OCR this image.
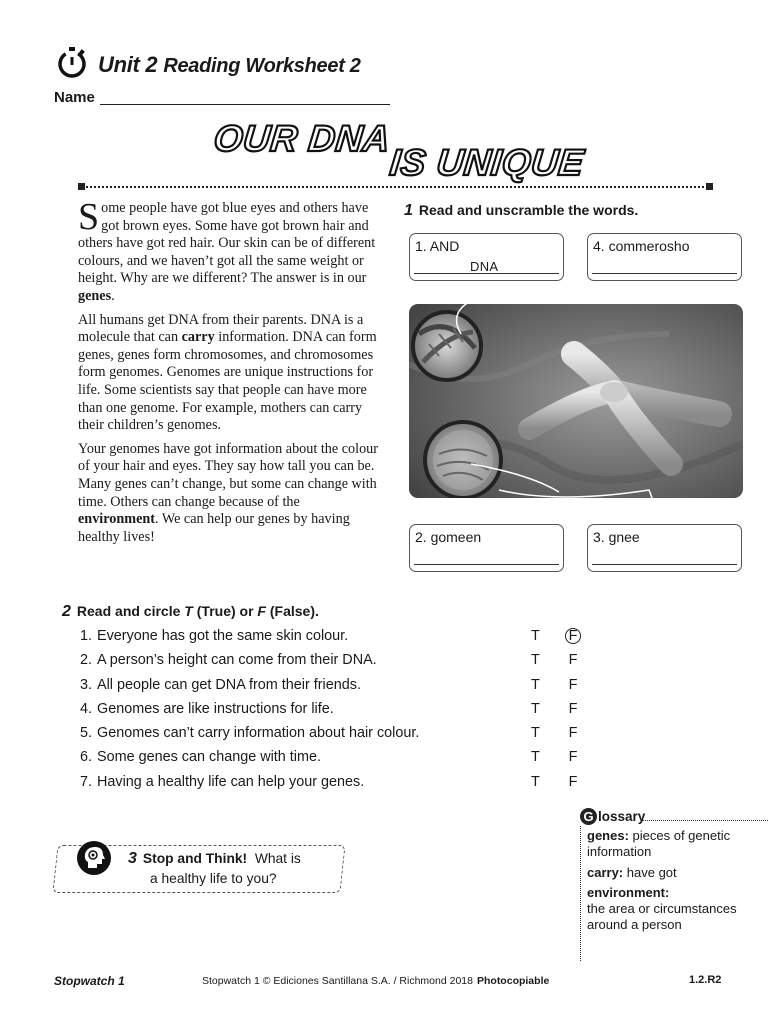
Unit 2 Reading Worksheet 2
Name
OUR DNA
IS UNIQUE

Some people have got blue eyes and others have got brown eyes. Some have got brown hair and others have got red hair. Our skin can be of different colours, and we haven’t got all the same weight or height. Why are we different? The answer is in our genes.

All humans get DNA from their parents. DNA is a molecule that can carry information. DNA can form genes, genes form chromosomes, and chromosomes form genomes. Genomes are unique instructions for life. Some scientists say that people can have more than one genome. For example, mothers can carry their children’s genomes.

Your genomes have got information about the colour of your hair and eyes. They say how tall you can be. Many genes can’t change, but some can change with time. Others can change because of the environment. We can help our genes by having healthy lives!

1 Read and unscramble the words.
1. AND
DNA
4. commerosho
2. gomeen	3. gnee
2 Read and circle T (True) or F (False).
1. Everyone has got the same skin colour.	T F
2. A person’s height can come from their DNA.	T F
3. All people can get DNA from their friends.	T F
4. Genomes are like instructions for life.	T F
5. Genomes can’t carry information about hair colour.	T F
6. Some genes can change with time.	T F
7. Having a healthy life can help your genes.	T F
G lossary
genes: pieces of genetic information
carry: have got
environment:
the area or circumstances around a person
3 Stop and Think! What is
a healthy life to you?
Stopwatch 1	Stopwatch 1 © Ediciones Santillana S.A. / Richmond 2018 Photocopiable	1.2.R2
